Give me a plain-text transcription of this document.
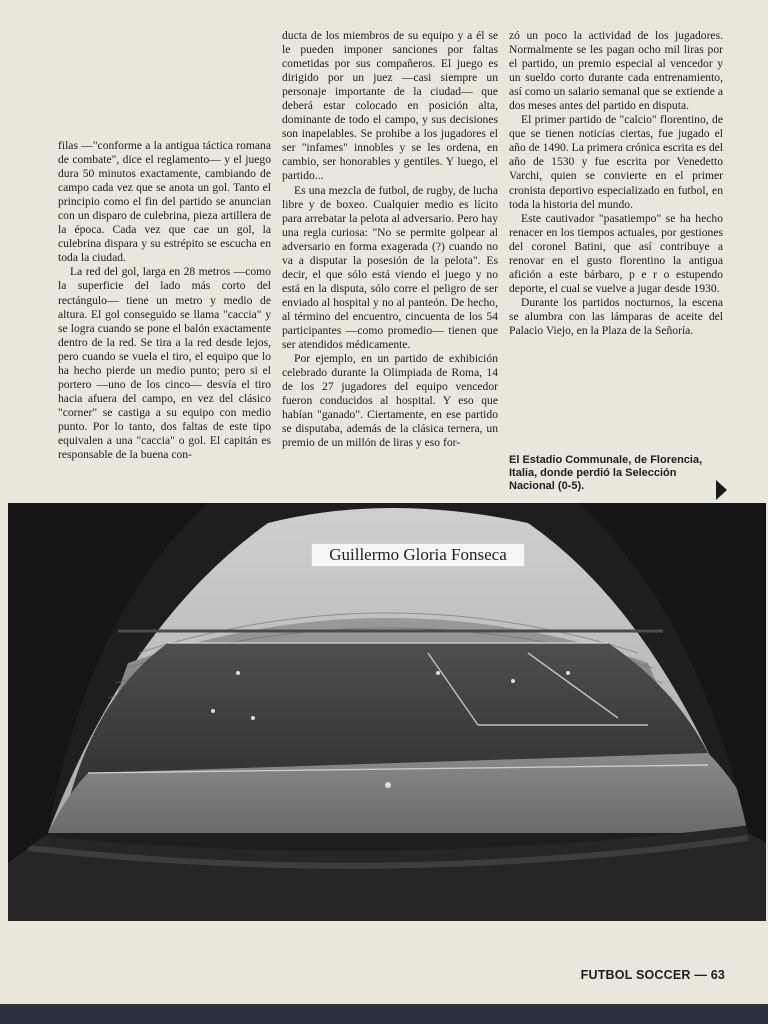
filas —"conforme a la antigua táctica romana de combate", dice el reglamento— y el juego dura 50 minutos exactamente, cambiando de campo cada vez que se anota un gol. Tanto el principio como el fin del partido se anuncian con un disparo de culebrina, pieza artillera de la época. Cada vez que cae un gol, la culebrina dispara y su estrépito se escucha en toda la ciudad.

La red del gol, larga en 28 metros —como la superficie del lado más corto del rectángulo— tiene un metro y medio de altura. El gol conseguido se llama "caccia" y se logra cuando se pone el balón exactamente dentro de la red. Se tira a la red desde lejos, pero cuando se vuela el tiro, el equipo que lo ha hecho pierde un medio punto; pero si el portero —uno de los cinco— desvía el tiro hacia afuera del campo, en vez del clásico "corner" se castiga a su equipo con medio punto. Por lo tanto, dos faltas de este tipo equivalen a una "caccia" o gol. El capitán es responsable de la buena con-

ducta de los miembros de su equipo y a él se le pueden imponer sanciones por faltas cometidas por sus compañeros. El juego es dirigido por un juez —casi siempre un personaje importante de la ciudad— que deberá estar colocado en posición alta, dominante de todo el campo, y sus decisiones son inapelables. Se prohibe a los jugadores el ser "infames" innobles y se les ordena, en cambio, ser honorables y gentiles. Y luego, el partido...

Es una mezcla de futbol, de rugby, de lucha libre y de boxeo. Cualquier medio es lícito para arrebatar la pelota al adversario. Pero hay una regla curiosa: "No se permite golpear al adversario en forma exagerada (?) cuando no va a disputar la posesión de la pelota". Es decir, el que sólo está viendo el juego y no está en la disputa, sólo corre el peligro de ser enviado al hospital y no al panteón. De hecho, al término del encuentro, cincuenta de los 54 participantes —como promedio— tienen que ser atendidos médicamente.

Por ejemplo, en un partido de exhibición celebrado durante la Olimpiada de Roma, 14 de los 27 jugadores del equipo vencedor fueron conducidos al hospital. Y eso que habían "ganado". Ciertamente, en ese partido se disputaba, además de la clásica ternera, un premio de un millón de liras y eso for-

zó un poco la actividad de los jugadores. Normalmente se les pagan ocho mil liras por el partido, un premio especial al vencedor y un sueldo corto durante cada entrenamiento, así como un salario semanal que se extiende a dos meses antes del partido en disputa.

El primer partido de "calcio" florentino, de que se tienen noticias ciertas, fue jugado el año de 1490. La primera crónica escrita es del año de 1530 y fue escrita por Venedetto Varchi, quien se convierte en el primer cronista deportivo especializado en futbol, en toda la historia del mundo.

Este cautivador "pasatiempo" se ha hecho renacer en los tiempos actuales, por gestiones del coronel Batini, que así contribuye a renovar en el gusto florentino la antigua afición a este bárbaro, p e r o estupendo deporte, el cual se vuelve a jugar desde 1930.

Durante los partidos nocturnos, la escena se alumbra con las lámparas de aceite del Palacio Viejo, en la Plaza de la Señoría.

El Estadio Communale, de Florencia, Italia, donde perdió la Selección Nacional (0-5).
Guillermo Gloria Fonseca
FUTBOL SOCCER — 63
